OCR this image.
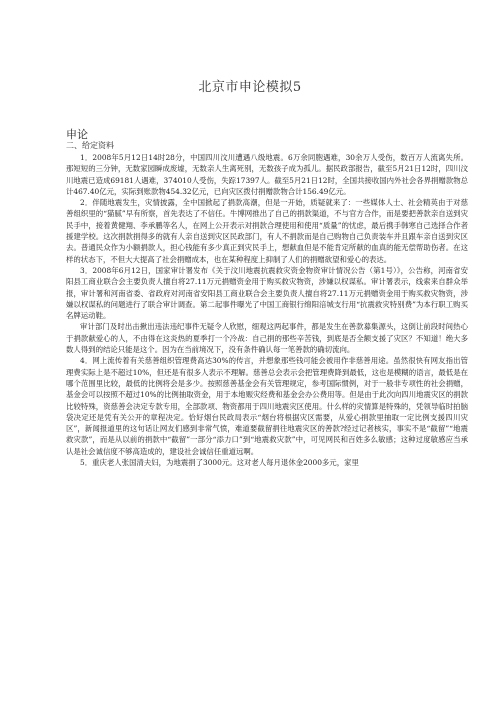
北京市申论模拟5
申论
二、给定资料

1．2008年5月12日14时28分，中国四川汶川遭遇八级地震。6万余同胞遇难，30余万人受伤，数百万人流离失所。那短短的三分钟，无数家园瞬成废墟，无数亲人生离死别，无数孩子成为孤儿。据民政部报告，截至5月21日12时，四川汶川地震已造成69181人遇难，374010人受伤，失踪17397人。截至5月21日12时，全国共接收国内外社会各界捐赠款物总计467.40亿元，实际到账款物454.32亿元，已向灾区拨付捐赠款物合计156.49亿元。

2．伴随地震发生，灾情披露，全中国掀起了捐款高潮，但是一开始，质疑就来了：一些媒体人士、社会精英由于对慈善组织里的“猫腻”早有所察，首先表达了不信任。牛博网推出了自己的捐款渠道，不与官方合作，而是要把善款亲自送到灾民手中，接着黄健翔、李承鹏等名人，在网上公开表示对捐款合理使用和使用“质量”的忧虑，最后携手韩寒自己选择合作者援建学校。这次捐款捐得多的就有人亲自送到灾区民政部门，有人不捐款而是自己购物自己负责装车并且跟车亲自送到灾区去。普通民众作为小额捐款人，担心钱能有多少真正到灾民手上，想献血但是不能肯定所献的血真的能无偿帮助伤者。在这样的状态下，不但大大提高了社会捐赠成本，也在某种程度上抑制了人们的捐赠欲望和爱心的表达。

3．2008年6月12日，国家审计署发布《关于汶川地震抗震救灾资金物资审计情况公告（第1号）》，公告称，河南省安阳县工商业联合会主要负责人擅自将27.11万元捐赠资金用于购买救灾物资，涉嫌以权谋私。审计署表示，线索来自群众举报，审计署和河南省委、省政府对河南省安阳县工商业联合会主要负责人擅自将27.11万元捐赠资金用于购买救灾物资，涉嫌以权谋私的问题进行了联合审计调查。第二起事件曝光了中国工商银行绵阳涪城支行用“抗震救灾特别费”为本行职工购买名牌运动鞋。

审计部门及时出击揪出违法违纪事件无疑令人欣慰，细观这两起事件，都是发生在善款募集源头，这倒让前段时间热心于捐款献爱心的人，不由得在这炎热的夏季打一个冷战：自己捐的那些辛苦钱，到底是否全额支援了灾区？不知道！绝大多数人得到的结论只能是这个。因为在当前境况下，没有条件确认每一笔善款的确切流向。

4．网上流传着有关慈善组织管理费高达30%的传言，并想象那些钱可能会被用作非慈善用途。虽然很快有网友指出管理费实际上是不超过10%，但还是有很多人表示不理解。慈善总会表示会把管理费降到最低，这也是模糊的语言，最低是在哪个范围里比较，最低的比例将会是多少。按照慈善基金会有关管理规定，参考国际惯例，对于一般非专项性的社会捐赠，基金会可以按照不超过10%的比例抽取资金，用于本地赈灾经费和基金会办公费用等。但是由于此次向四川地震灾区的捐款比较特殊，资慈善会决定专款专用，全部款项、物资都用于四川地震灾区使用。什么样的灾情算是特殊的，凭领导临时拍脑袋决定还是凭有关公开的章程决定。恰好烟台民政局表示“烟台将根据灾区需要，从爱心捐款里抽取一定比例支援四川灾区”，新闻报道里的这句话让网友们感到非常气愤，难道要截留捐往地震灾区的善款?经过记者核实，事实不是“截留”“地震救灾款”，而是从以前的捐款中“截留”一部分“添力口”到“地震救灾款”中，可见网民和百姓多么敏感；这种过度敏感应当承认是社会诚信度不够高造成的，建设社会诚信任重道远啊。

5．重庆老人张国清夫妇，为地震捐了3000元。这对老人每月退休金2000多元，家里
